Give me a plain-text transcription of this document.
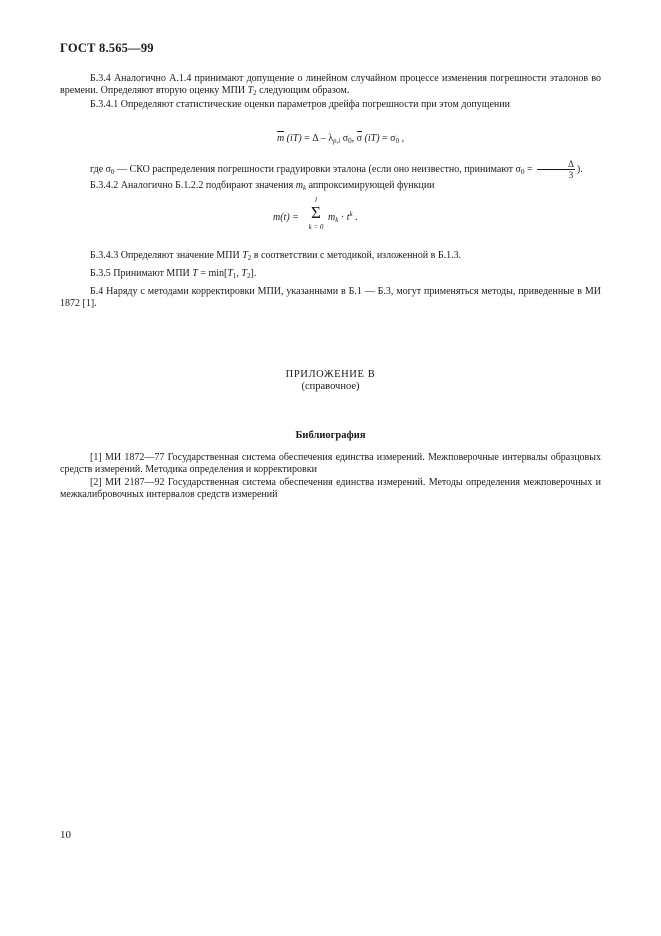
ГОСТ 8.565—99

Б.3.4 Аналогично А.1.4 принимают допущение о линейном случайном процессе изменения погрешности эталонов во времени. Определяют вторую оценку МПИ $T_2$ следующим образом.

Б.3.4.1 Определяют статистические оценки параметров дрейфа погрешности при этом допущении

m $(iT) = \Delta - \lambda_{p,i}$ $\sigma_0$, σ $(iT) = \sigma_0$ ,

где $\sigma_0$ — СКО распределения погрешности градуировки эталона (если оно неизвестно, принимают $\sigma_0 = \frac{\Delta}{3}$ ).

Б.3.4.2 Аналогично Б.1.2.2 подбирают значения $m_k$ аппроксимирующей функции

m(t) =
l
Σ
k = 0
$m_k \cdot t^k$ .

Б.3.4.3 Определяют значение МПИ $T_2$ в соответствии с методикой, изложенной в Б.1.3.

Б.3.5 Принимают МПИ $T = \min[T_1$, $T_2$].

Б.4 Наряду с методами корректировки МПИ, указанными в Б.1 — Б.3, могут применяться методы, приведенные в МИ 1872 [1].

ПРИЛОЖЕНИЕ В
(справочное)
Библиография

[1] МИ 1872—77 Государственная система обеспечения единства измерений. Межповерочные интервалы образцовых средств измерений. Методика определения и корректировки

[2] МИ 2187—92 Государственная система обеспечения единства измерений. Методы определения межповерочных и межкалибровочных интервалов средств измерений

10
